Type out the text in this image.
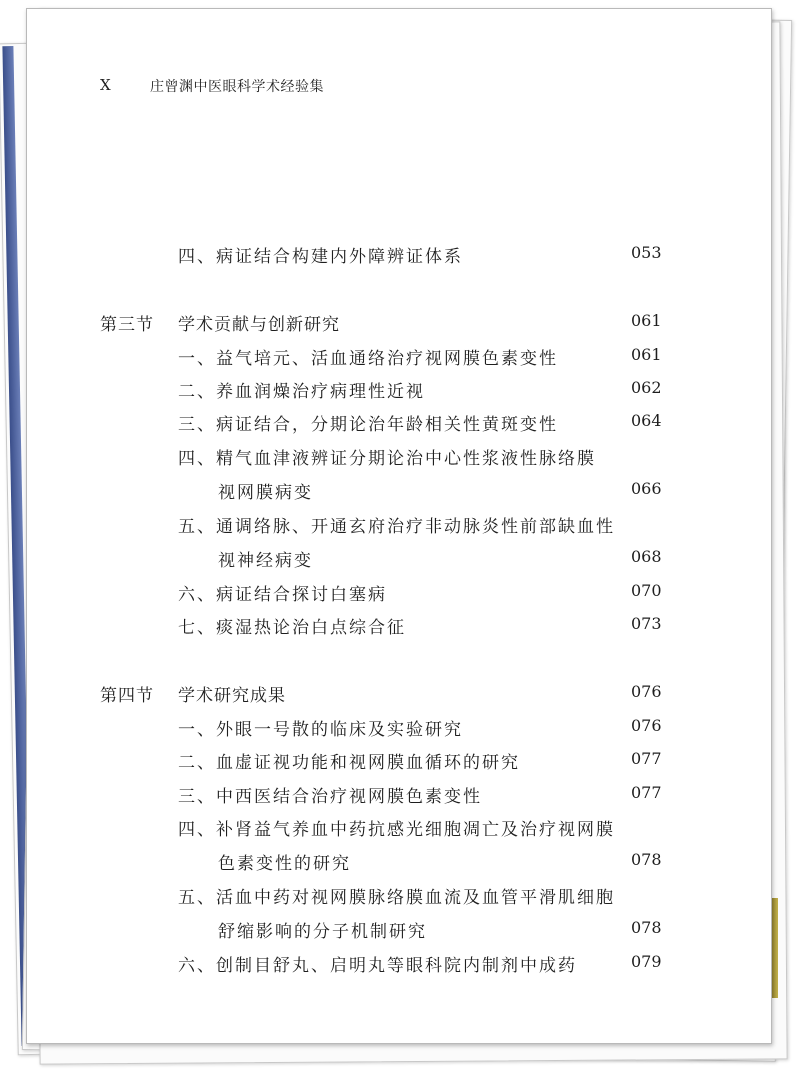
X	庄曾渊中医眼科学术经验集
四、病证结合构建内外障辨证体系	053
第三节 学术贡献与创新研究	061
一、益气培元、活血通络治疗视网膜色素变性	061
二、养血润燥治疗病理性近视	062
三、病证结合，分期论治年龄相关性黄斑变性	064
四、精气血津液辨证分期论治中心性浆液性脉络膜
视网膜病变	066
五、通调络脉、开通玄府治疗非动脉炎性前部缺血性
视神经病变	068
六、病证结合探讨白塞病	070
七、痰湿热论治白点综合征	073
第四节 学术研究成果	076
一、外眼一号散的临床及实验研究	076
二、血虚证视功能和视网膜血循环的研究	077
三、中西医结合治疗视网膜色素变性	077
四、补肾益气养血中药抗感光细胞凋亡及治疗视网膜
色素变性的研究	078
五、活血中药对视网膜脉络膜血流及血管平滑肌细胞
舒缩影响的分子机制研究	078
六、创制目舒丸、启明丸等眼科院内制剂中成药	079
